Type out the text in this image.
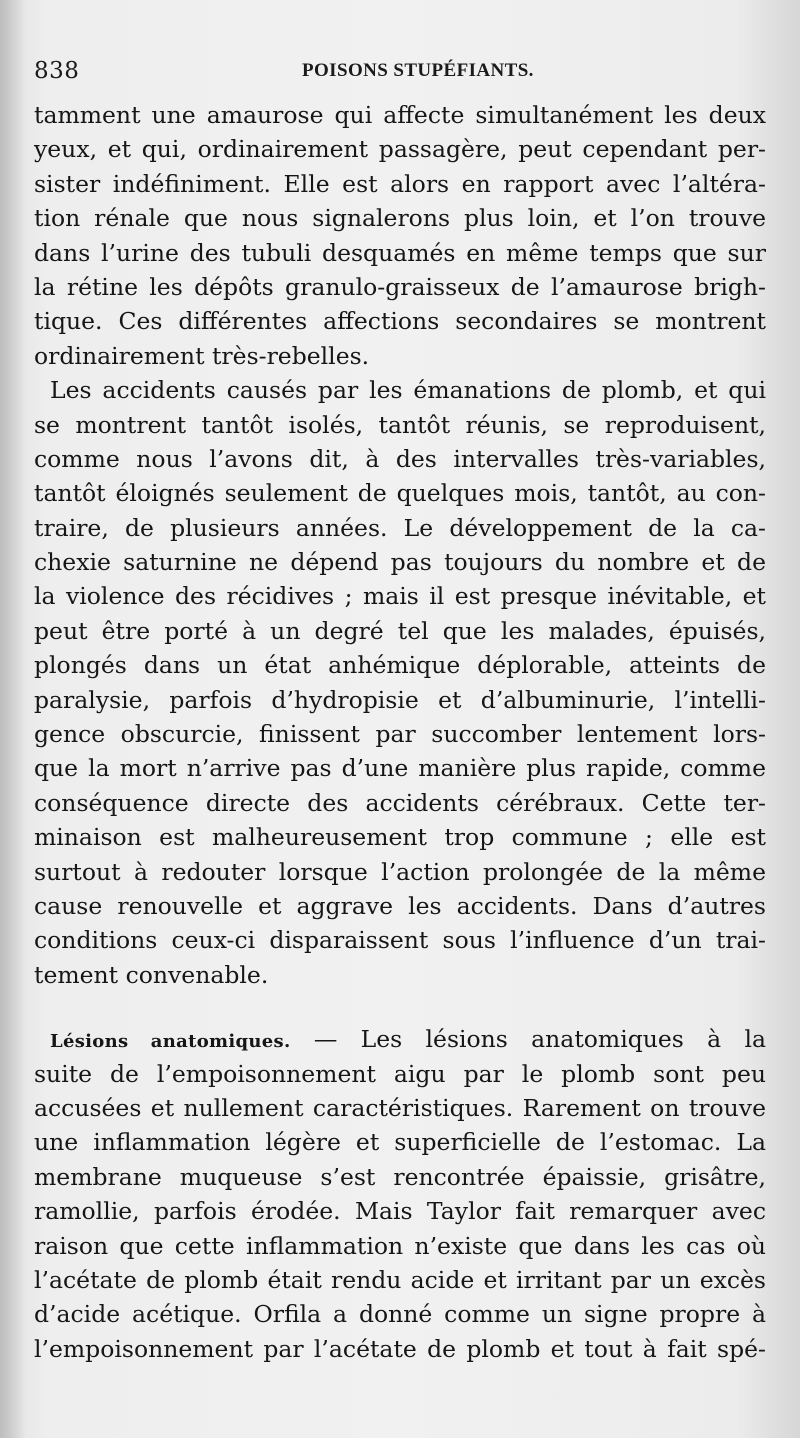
838	POISONS STUPÉFIANTS.
tamment une amaurose qui affecte simultanément les deux
yeux, et qui, ordinairement passagère, peut cependant per-
sister indéfiniment. Elle est alors en rapport avec l’altéra-
tion rénale que nous signalerons plus loin, et l’on trouve
dans l’urine des tubuli desquamés en même temps que sur
la rétine les dépôts granulo-graisseux de l’amaurose brigh-
tique. Ces différentes affections secondaires se montrent
ordinairement très-rebelles.
Les accidents causés par les émanations de plomb, et qui
se montrent tantôt isolés, tantôt réunis, se reproduisent,
comme nous l’avons dit, à des intervalles très-variables,
tantôt éloignés seulement de quelques mois, tantôt, au con-
traire, de plusieurs années. Le développement de la ca-
chexie saturnine ne dépend pas toujours du nombre et de
la violence des récidives ; mais il est presque inévitable, et
peut être porté à un degré tel que les malades, épuisés,
plongés dans un état anhémique déplorable, atteints de
paralysie, parfois d’hydropisie et d’albuminurie, l’intelli-
gence obscurcie, finissent par succomber lentement lors-
que la mort n’arrive pas d’une manière plus rapide, comme
conséquence directe des accidents cérébraux. Cette ter-
minaison est malheureusement trop commune ; elle est
surtout à redouter lorsque l’action prolongée de la même
cause renouvelle et aggrave les accidents. Dans d’autres
conditions ceux-ci disparaissent sous l’influence d’un trai-
tement convenable.
Lésions anatomiques. — Les lésions anatomiques à la
suite de l’empoisonnement aigu par le plomb sont peu
accusées et nullement caractéristiques. Rarement on trouve
une inflammation légère et superficielle de l’estomac. La
membrane muqueuse s’est rencontrée épaissie, grisâtre,
ramollie, parfois érodée. Mais Taylor fait remarquer avec
raison que cette inflammation n’existe que dans les cas où
l’acétate de plomb était rendu acide et irritant par un excès
d’acide acétique. Orfila a donné comme un signe propre à
l’empoisonnement par l’acétate de plomb et tout à fait spé-
